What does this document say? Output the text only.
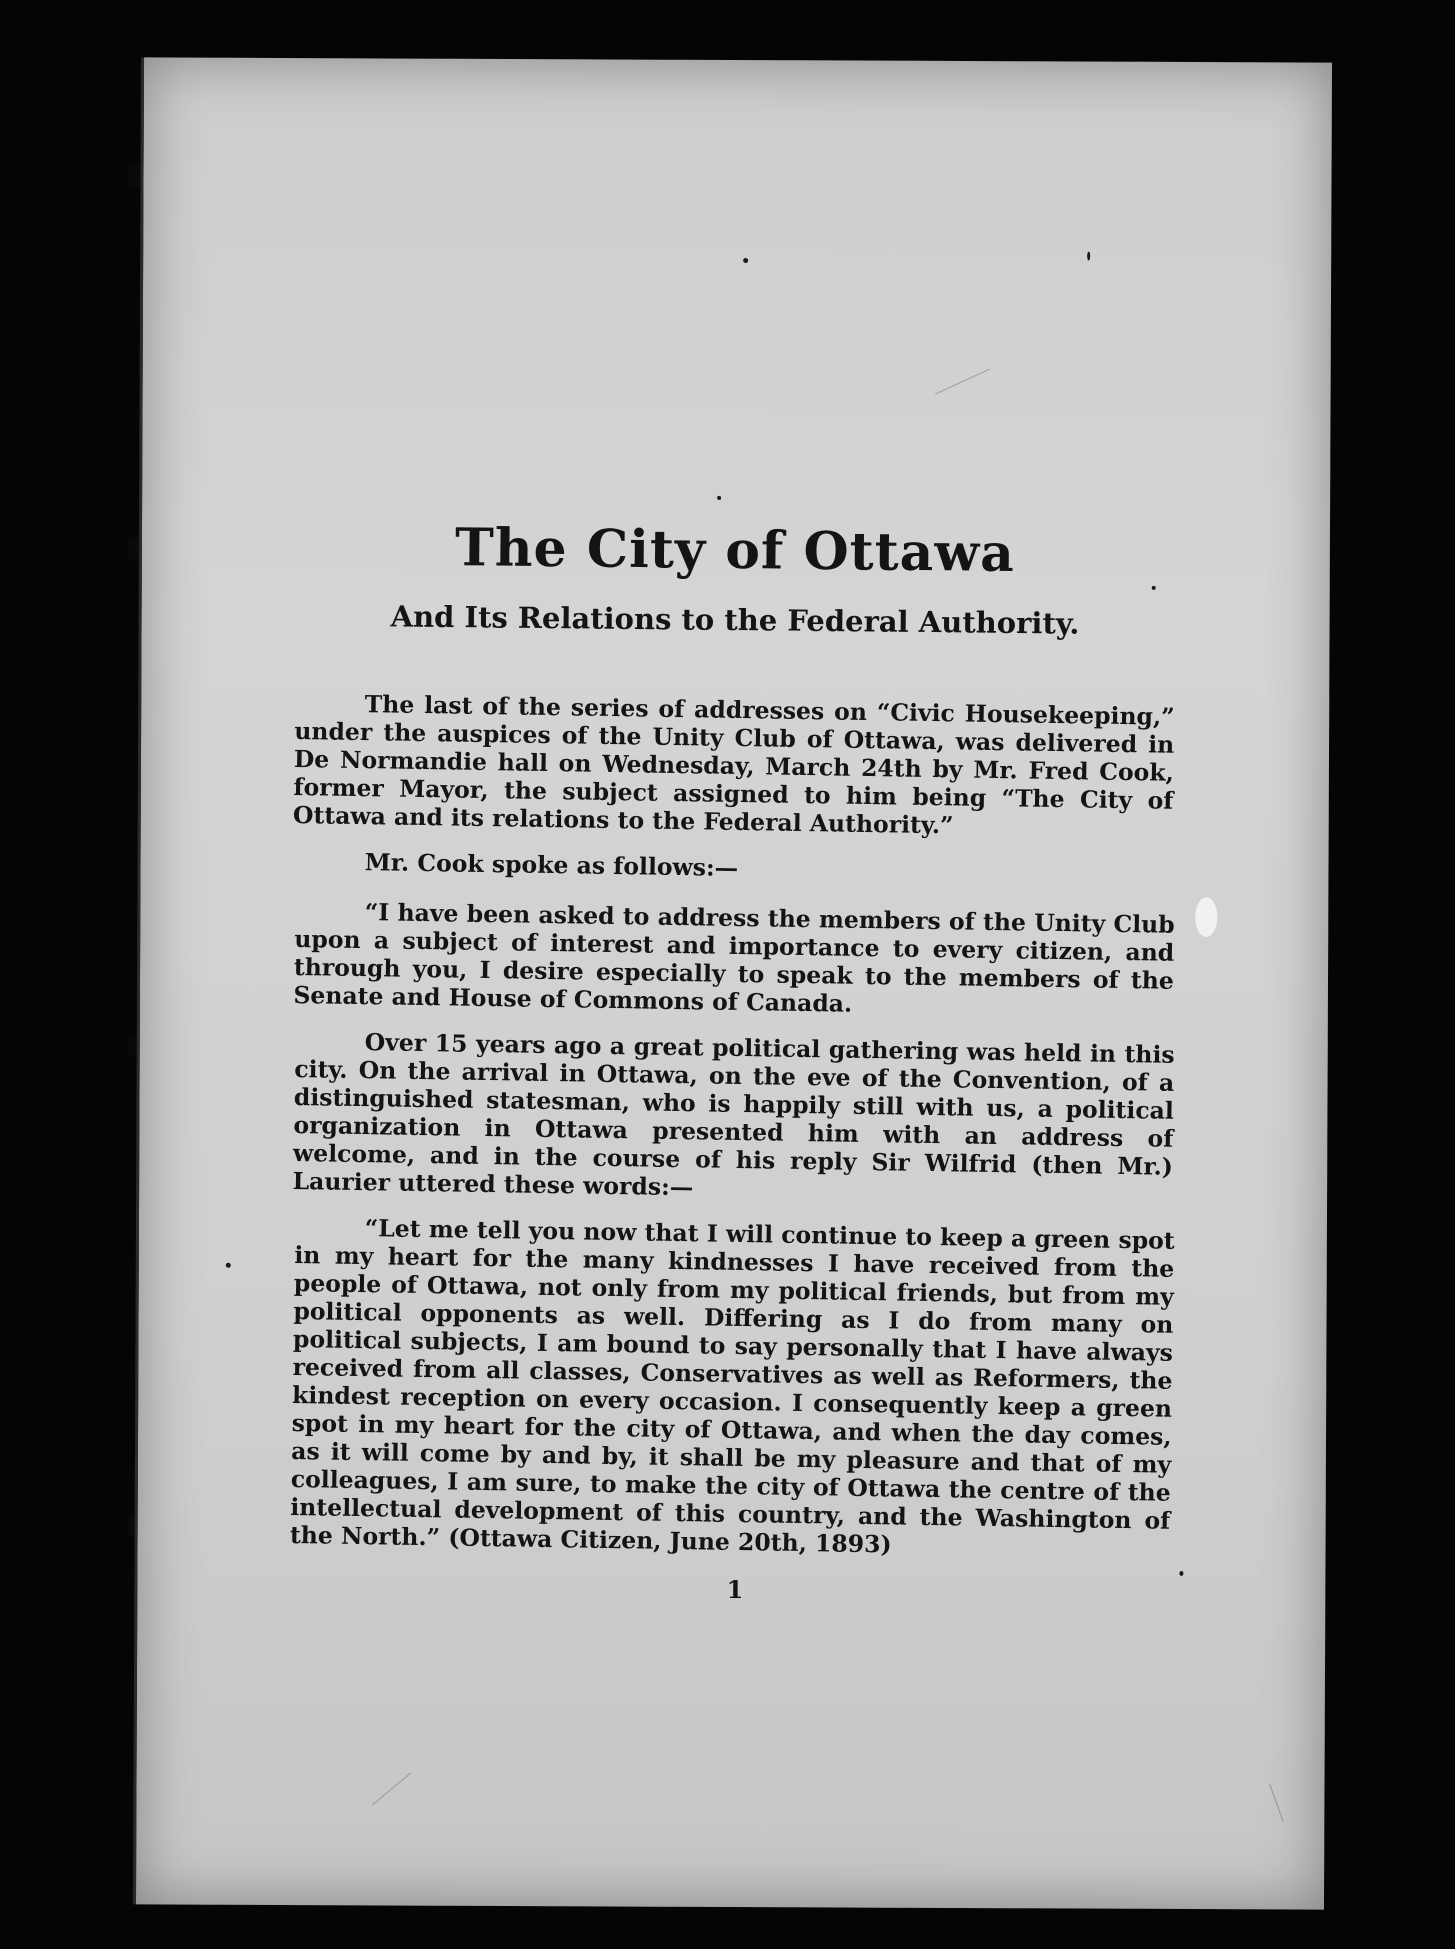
The City of Ottawa
And Its Relations to the Federal Authority.

The last of the series of addresses on “Civic Housekeeping,” under the auspices of the Unity Club of Ottawa, was delivered in De Normandie hall on Wednesday, March 24th by Mr. Fred Cook, former Mayor, the subject assigned to him being “The City of Ottawa and its relations to the Federal Authority.”

Mr. Cook spoke as follows:—

“I have been asked to address the members of the Unity Club upon a subject of interest and importance to every citizen, and through you, I desire especially to speak to the members of the Senate and House of Commons of Canada.

Over 15 years ago a great political gathering was held in this city. On the arrival in Ottawa, on the eve of the Convention, of a distinguished statesman, who is happily still with us, a political organization in Ottawa presented him with an address of welcome, and in the course of his reply Sir Wilfrid (then Mr.) Laurier uttered these words:—

“Let me tell you now that I will continue to keep a green spot in my heart for the many kindnesses I have received from the people of Ottawa, not only from my political friends, but from my political opponents as well. Differing as I do from many on political subjects, I am bound to say personally that I have always received from all classes, Conservatives as well as Reformers, the kindest reception on every occasion. I consequently keep a green spot in my heart for the city of Ottawa, and when the day comes, as it will come by and by, it shall be my pleasure and that of my colleagues, I am sure, to make the city of Ottawa the centre of the intellectual development of this country, and the Washington of the North.” (Ottawa Citizen, June 20th, 1893)

1
